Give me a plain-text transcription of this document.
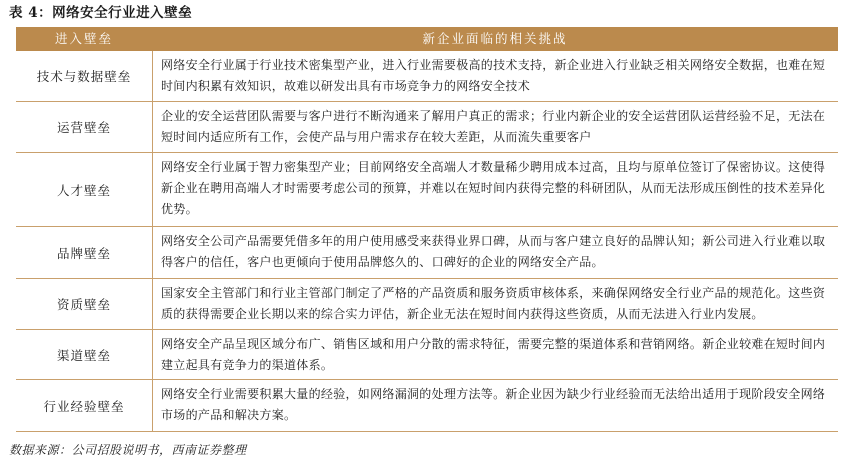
表 4：网络安全行业进入壁垒
进入壁垒	新企业面临的相关挑战
技术与数据壁垒
网络安全行业属于行业技术密集型产业，进入行业需要极高的技术支持，新企业进入行业缺乏相关网络安全数据，也难在短时间内积累有效知识，故难以研发出具有市场竞争力的网络安全技术
运营壁垒
企业的安全运营团队需要与客户进行不断沟通来了解用户真正的需求；行业内新企业的安全运营团队运营经验不足，无法在短时间内适应所有工作，会使产品与用户需求存在较大差距，从而流失重要客户
人才壁垒
网络安全行业属于智力密集型产业；目前网络安全高端人才数量稀少聘用成本过高，且均与原单位签订了保密协议。这使得新企业在聘用高端人才时需要考虑公司的预算，并难以在短时间内获得完整的科研团队，从而无法形成压倒性的技术差异化优势。
品牌壁垒
网络安全公司产品需要凭借多年的用户使用感受来获得业界口碑，从而与客户建立良好的品牌认知；新公司进入行业难以取得客户的信任，客户也更倾向于使用品牌悠久的、口碑好的企业的网络安全产品。
资质壁垒
国家安全主管部门和行业主管部门制定了严格的产品资质和服务资质审核体系，来确保网络安全行业产品的规范化。这些资质的获得需要企业长期以来的综合实力评估，新企业无法在短时间内获得这些资质，从而无法进入行业内发展。
渠道壁垒
网络安全产品呈现区域分布广、销售区域和用户分散的需求特征，需要完整的渠道体系和营销网络。新企业较难在短时间内建立起具有竞争力的渠道体系。
行业经验壁垒
网络安全行业需要积累大量的经验，如网络漏洞的处理方法等。新企业因为缺少行业经验而无法给出适用于现阶段安全网络市场的产品和解决方案。
数据来源：公司招股说明书，西南证券整理
